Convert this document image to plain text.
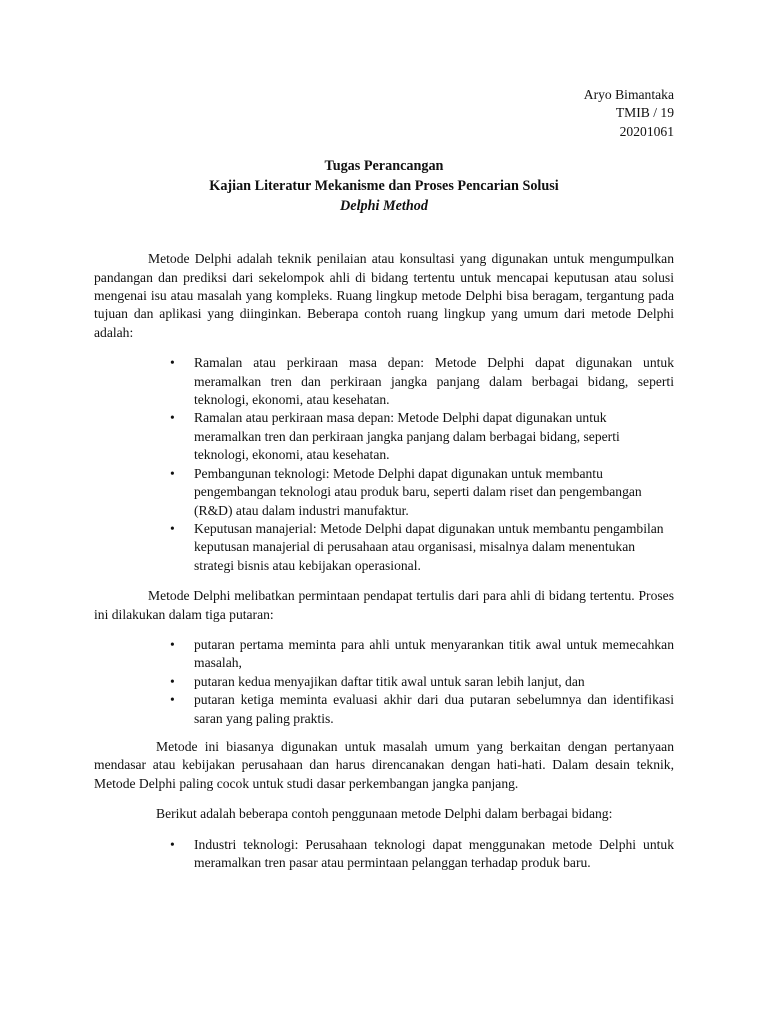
Aryo Bimantaka
TMIB / 19
20201061
Tugas Perancangan
Kajian Literatur Mekanisme dan Proses Pencarian Solusi
Delphi Method

Metode Delphi adalah teknik penilaian atau konsultasi yang digunakan untuk mengumpulkan pandangan dan prediksi dari sekelompok ahli di bidang tertentu untuk mencapai keputusan atau solusi mengenai isu atau masalah yang kompleks. Ruang lingkup metode Delphi bisa beragam, tergantung pada tujuan dan aplikasi yang diinginkan. Beberapa contoh ruang lingkup yang umum dari metode Delphi adalah:

• Ramalan atau perkiraan masa depan: Metode Delphi dapat digunakan untuk meramalkan tren dan perkiraan jangka panjang dalam berbagai bidang, seperti teknologi, ekonomi, atau kesehatan.
• Ramalan atau perkiraan masa depan: Metode Delphi dapat digunakan untuk meramalkan tren dan perkiraan jangka panjang dalam berbagai bidang, seperti teknologi, ekonomi, atau kesehatan.
• Pembangunan teknologi: Metode Delphi dapat digunakan untuk membantu pengembangan teknologi atau produk baru, seperti dalam riset dan pengembangan (R&D) atau dalam industri manufaktur.
• Keputusan manajerial: Metode Delphi dapat digunakan untuk membantu pengambilan keputusan manajerial di perusahaan atau organisasi, misalnya dalam menentukan strategi bisnis atau kebijakan operasional.

Metode Delphi melibatkan permintaan pendapat tertulis dari para ahli di bidang tertentu. Proses ini dilakukan dalam tiga putaran:

• putaran pertama meminta para ahli untuk menyarankan titik awal untuk memecahkan masalah,
• putaran kedua menyajikan daftar titik awal untuk saran lebih lanjut, dan
• putaran ketiga meminta evaluasi akhir dari dua putaran sebelumnya dan identifikasi saran yang paling praktis.

Metode ini biasanya digunakan untuk masalah umum yang berkaitan dengan pertanyaan mendasar atau kebijakan perusahaan dan harus direncanakan dengan hati-hati. Dalam desain teknik, Metode Delphi paling cocok untuk studi dasar perkembangan jangka panjang.

Berikut adalah beberapa contoh penggunaan metode Delphi dalam berbagai bidang:

• Industri teknologi: Perusahaan teknologi dapat menggunakan metode Delphi untuk meramalkan tren pasar atau permintaan pelanggan terhadap produk baru.
